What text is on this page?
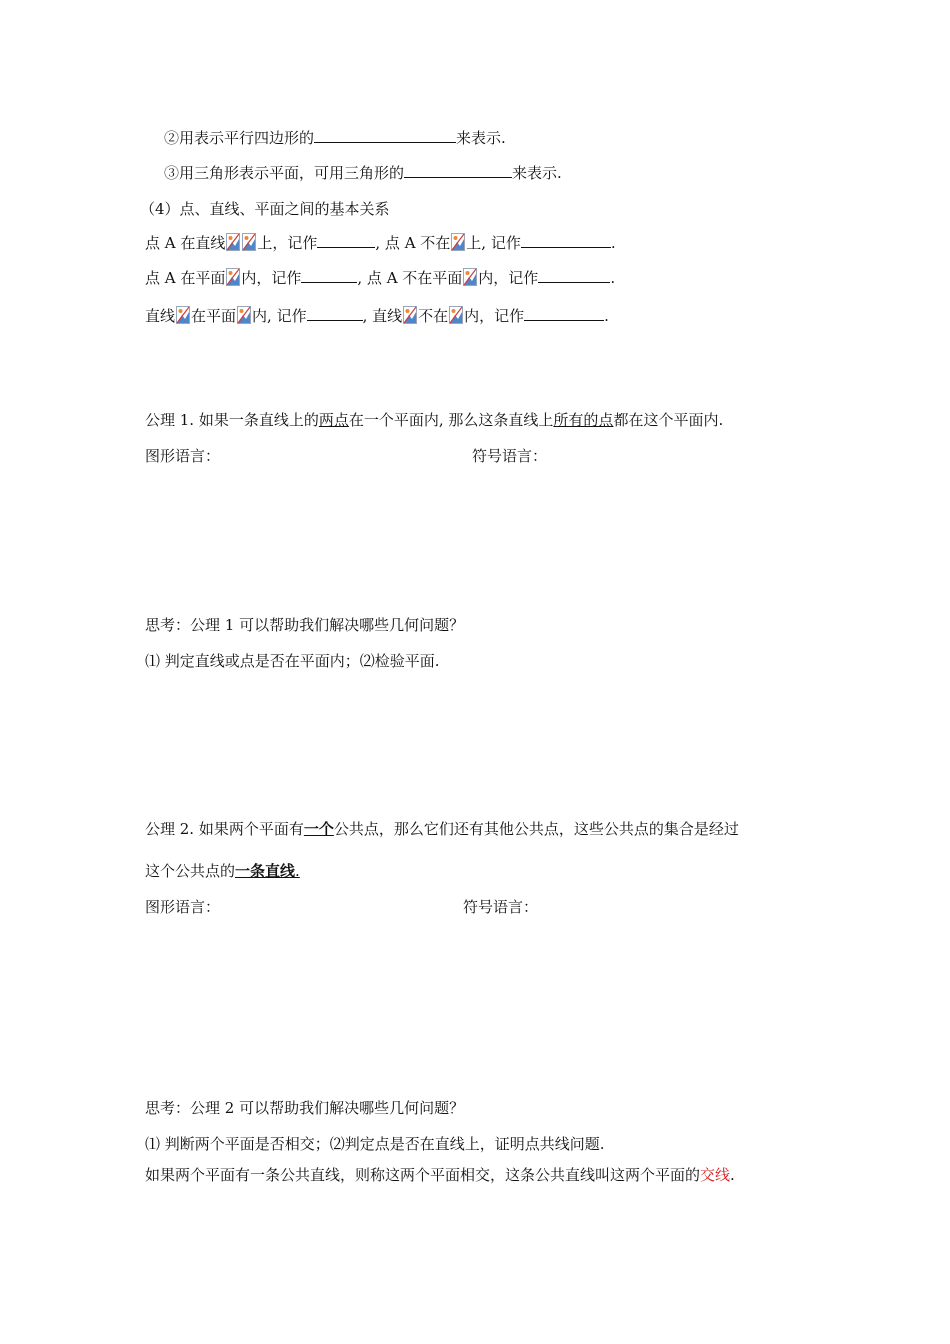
②用表示平行四边形的	来表示.
③用三角形表示平面，可用三角形的	来表示.
（4）点、直线、平面之间的基本关系
点 A 在直线 上，记作	, 点 A 不在 上, 记作	.
点 A 在平面 内，记作	, 点 A 不在平面 内，记作	.
直线 在平面 内, 记作	, 直线 不在 内，记作	.
公理 1. 如果一条直线上的两点在一个平面内, 那么这条直线上所有的点都在这个平面内.
图形语言：	符号语言：
思考：公理 1 可以帮助我们解决哪些几何问题？
⑴ 判定直线或点是否在平面内；⑵检验平面.
公理 2. 如果两个平面有一个公共点，那么它们还有其他公共点，这些公共点的集合是经过
这个公共点的一条直线.
图形语言：	符号语言：
思考：公理 2 可以帮助我们解决哪些几何问题？
⑴ 判断两个平面是否相交；⑵判定点是否在直线上，证明点共线问题.
如果两个平面有一条公共直线，则称这两个平面相交，这条公共直线叫这两个平面的交线.
